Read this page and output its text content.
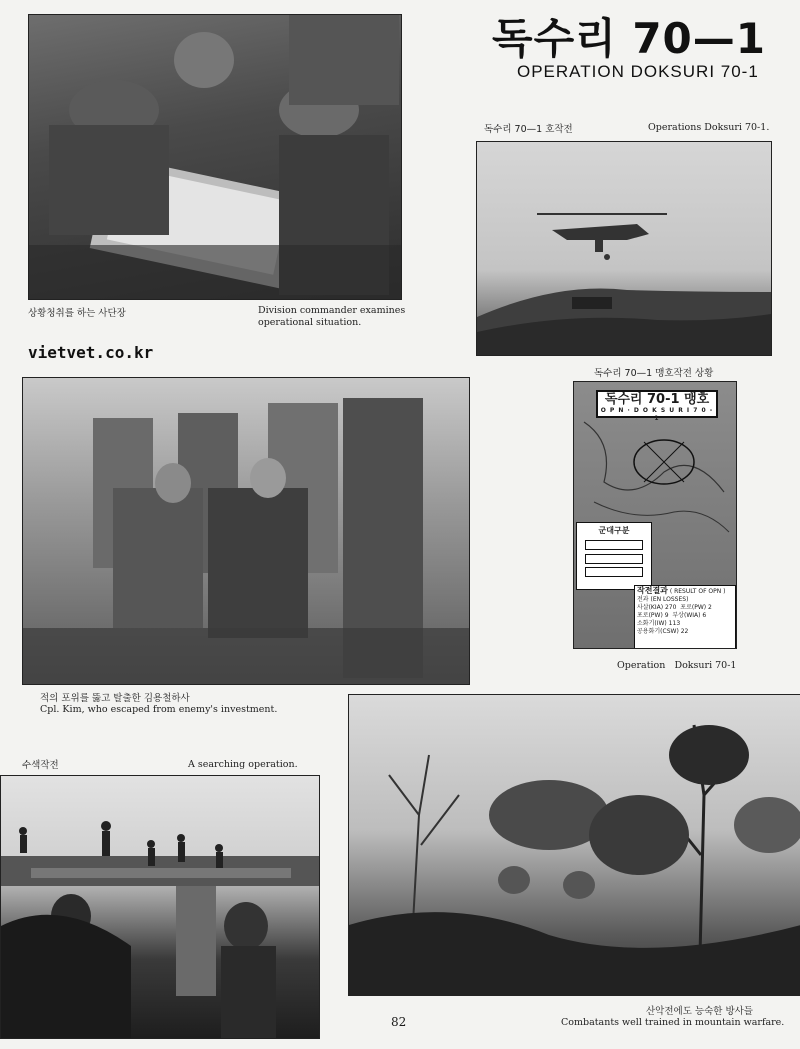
독수리 70—1
OPERATION DOKSURI 70-1
상황청취를 하는 사단장	Division commander examines
operational situation.
vietvet.co.kr
독수리 70—1 호작전	Operations Doksuri 70-1.
독수리 70—1 맹호작전 상황
독수리 70-1 맹호
O P N · D O K S U R I 7 0 - 1
군대구분
작전결과 ( RESULT OF OPN )
전과 (EN LOSSES)
사살(KIA) 270 포로(PW) 2
포로(PW) 9 부상(WIA) 6
소화기(IW) 113
공용화기(CSW) 22
Operation   Doksuri 70-1
적의 포위를 뚫고 탈출한 김용철하사
Cpl. Kim, who escaped from enemy's investment.
수색작전	A searching operation.
산악전에도 능숙한 방사들
Combatants well trained in mountain warfare.
82
